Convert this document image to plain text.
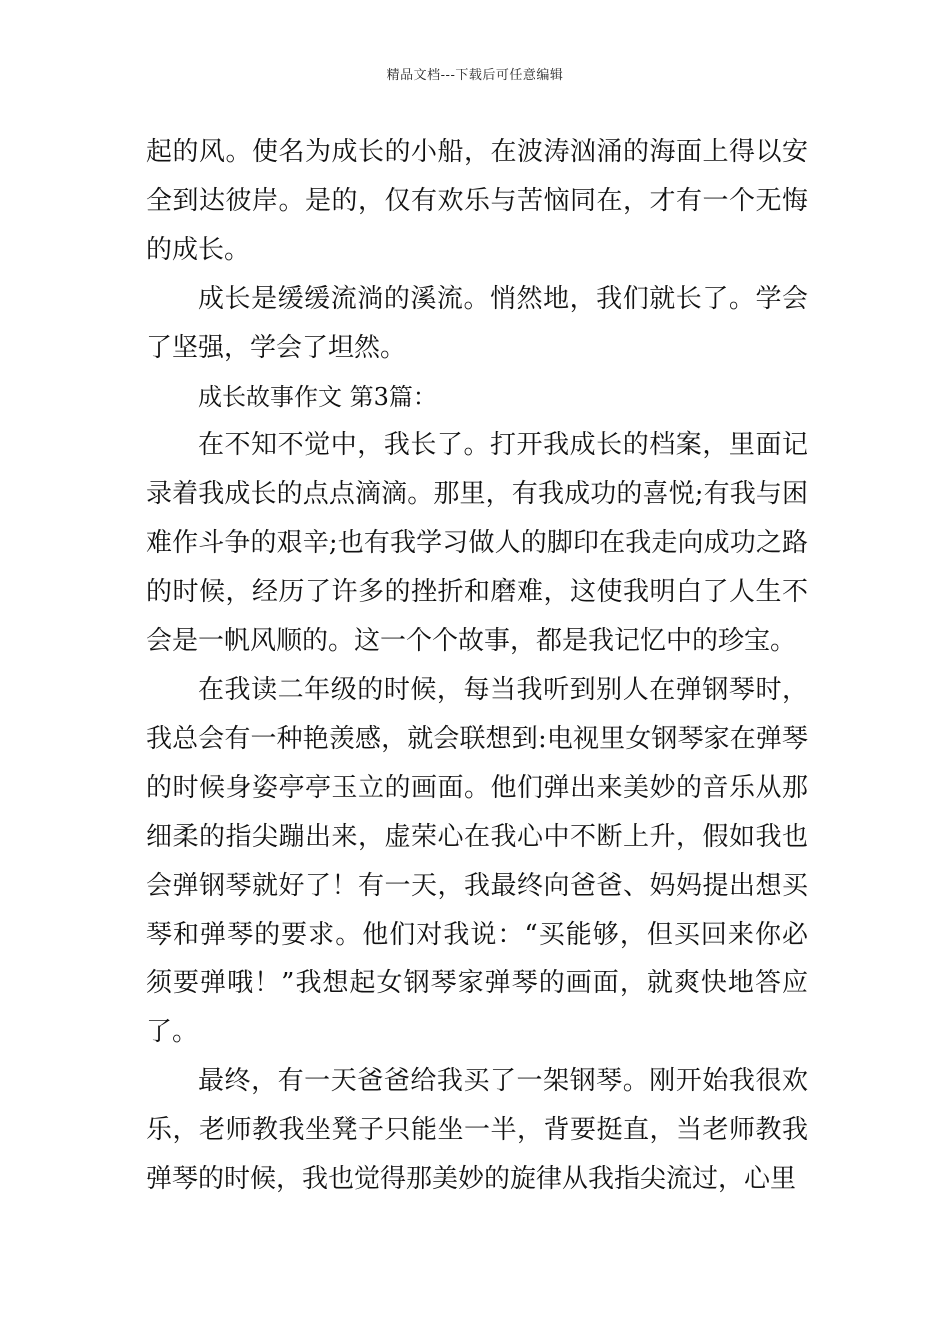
精品文档---下载后可任意编辑

起的风。使名为成长的小船，在波涛汹涌的海面上得以安全到达彼岸。是的，仅有欢乐与苦恼同在，才有一个无悔的成长。

成长是缓缓流淌的溪流。悄然地，我们就长了。学会了坚强，学会了坦然。

成长故事作文 第3篇：

在不知不觉中，我长了。打开我成长的档案，里面记录着我成长的点点滴滴。那里，有我成功的喜悦;有我与困难作斗争的艰辛;也有我学习做人的脚印在我走向成功之路的时候，经历了许多的挫折和磨难，这使我明白了人生不会是一帆风顺的。这一个个故事，都是我记忆中的珍宝。

在我读二年级的时候，每当我听到别人在弹钢琴时，我总会有一种艳羡感，就会联想到:电视里女钢琴家在弹琴的时候身姿亭亭玉立的画面。他们弹出来美妙的音乐从那细柔的指尖蹦出来，虚荣心在我心中不断上升，假如我也会弹钢琴就好了！有一天，我最终向爸爸、妈妈提出想买琴和弹琴的要求。他们对我说：“买能够，但买回来你必须要弹哦！”我想起女钢琴家弹琴的画面，就爽快地答应了。

最终，有一天爸爸给我买了一架钢琴。刚开始我很欢乐，老师教我坐凳子只能坐一半，背要挺直，当老师教我弹琴的时候，我也觉得那美妙的旋律从我指尖流过，心里
